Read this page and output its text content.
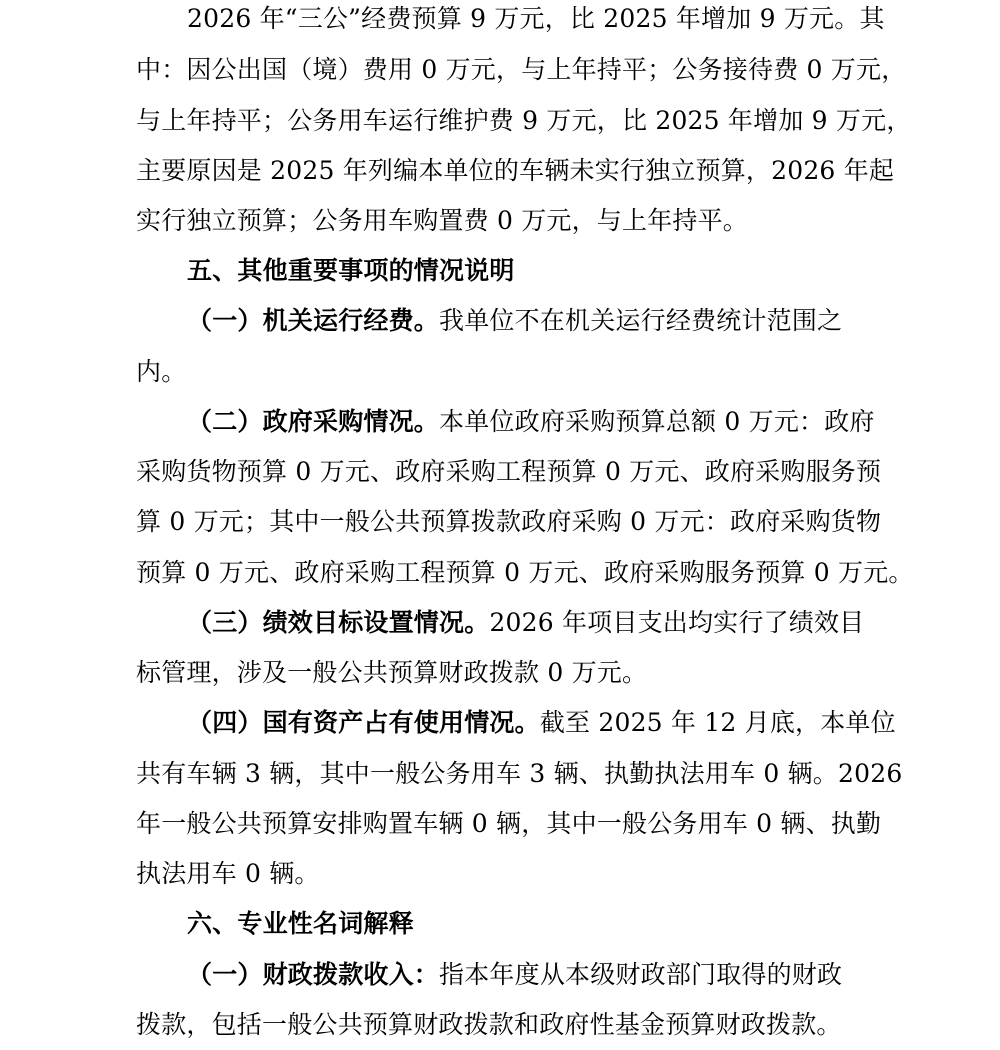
2026 年“三公”经费预算 9 万元，比 2025 年增加 9 万元。其
中：因公出国（境）费用 0 万元，与上年持平；公务接待费 0 万元，
与上年持平；公务用车运行维护费 9 万元，比 2025 年增加 9 万元，
主要原因是 2025 年列编本单位的车辆未实行独立预算，2026 年起
实行独立预算；公务用车购置费 0 万元，与上年持平。
五、其他重要事项的情况说明
（一）机关运行经费。我单位不在机关运行经费统计范围之
内。
（二）政府采购情况。本单位政府采购预算总额 0 万元：政府
采购货物预算 0 万元、政府采购工程预算 0 万元、政府采购服务预
算 0 万元；其中一般公共预算拨款政府采购 0 万元：政府采购货物
预算 0 万元、政府采购工程预算 0 万元、政府采购服务预算 0 万元。
（三）绩效目标设置情况。2026 年项目支出均实行了绩效目
标管理，涉及一般公共预算财政拨款 0 万元。
（四）国有资产占有使用情况。截至 2025 年 12 月底，本单位
共有车辆 3 辆，其中一般公务用车 3 辆、执勤执法用车 0 辆。2026
年一般公共预算安排购置车辆 0 辆，其中一般公务用车 0 辆、执勤
执法用车 0 辆。
六、专业性名词解释
（一）财政拨款收入：指本年度从本级财政部门取得的财政
拨款，包括一般公共预算财政拨款和政府性基金预算财政拨款。
